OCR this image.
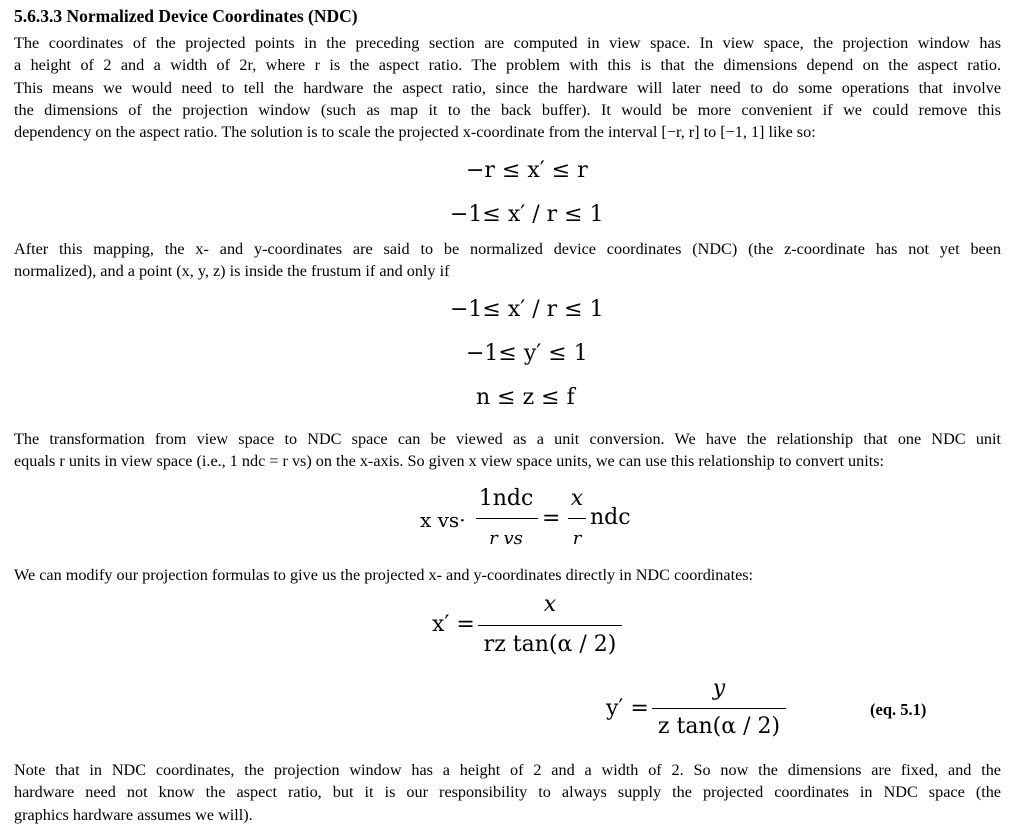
5.6.3.3 Normalized Device Coordinates (NDC)
The coordinates of the projected points in the preceding section are computed in view space. In view space, the projection window has
a height of 2 and a width of 2r, where r is the aspect ratio. The problem with this is that the dimensions depend on the aspect ratio.
This means we would need to tell the hardware the aspect ratio, since the hardware will later need to do some operations that involve
the dimensions of the projection window (such as map it to the back buffer). It would be more convenient if we could remove this
dependency on the aspect ratio. The solution is to scale the projected x-coordinate from the interval [−r, r] to [−1, 1] like so:
−r ≤ x′ ≤ r
−1≤ x′ / r ≤ 1
After this mapping, the x- and y-coordinates are said to be normalized device coordinates (NDC) (the z-coordinate has not yet been
normalized), and a point (x, y, z) is inside the frustum if and only if
−1≤ x′ / r ≤ 1
−1≤ y′ ≤ 1
n ≤ z ≤ f
The transformation from view space to NDC space can be viewed as a unit conversion. We have the relationship that one NDC unit
equals r units in view space (i.e., 1 ndc = r vs) on the x-axis. So given x view space units, we can use this relationship to convert units:
x vs·
1ndc
r vs
=
x
r
ndc
We can modify our projection formulas to give us the projected x- and y-coordinates directly in NDC coordinates:
x′ =
x
rz tan(α / 2)
y′ =
y
z tan(α / 2)
(eq. 5.1)
Note that in NDC coordinates, the projection window has a height of 2 and a width of 2. So now the dimensions are fixed, and the
hardware need not know the aspect ratio, but it is our responsibility to always supply the projected coordinates in NDC space (the
graphics hardware assumes we will).
